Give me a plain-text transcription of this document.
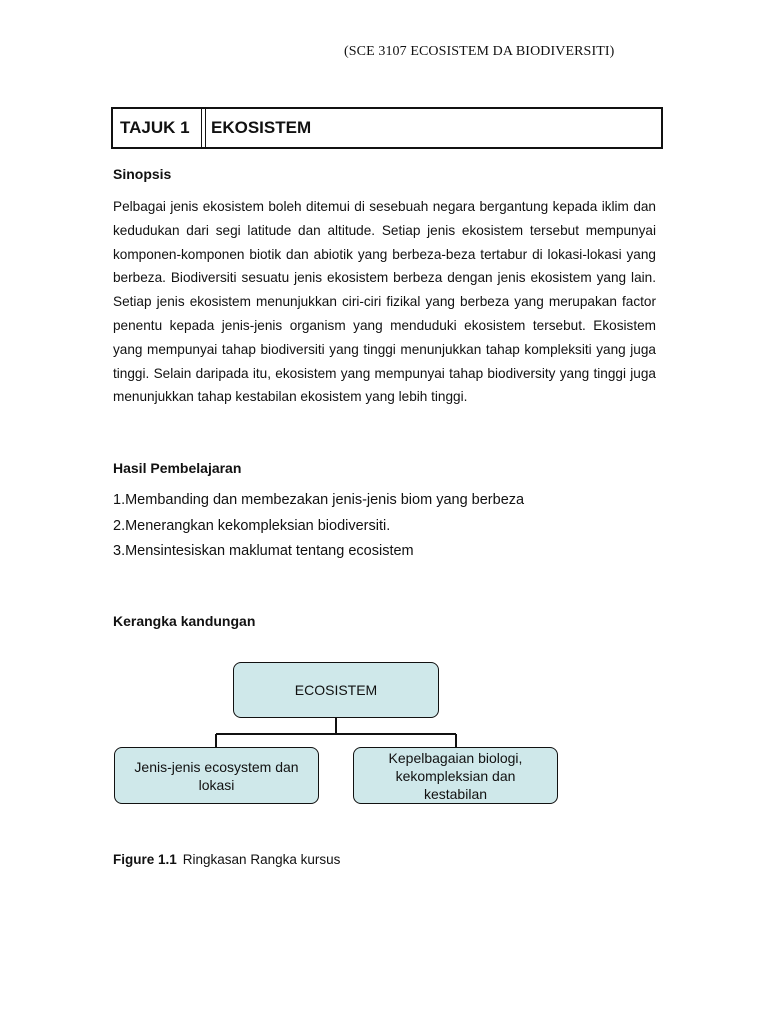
(SCE 3107 ECOSISTEM DA BIODIVERSITI)
TAJUK 1	EKOSISTEM
Sinopsis
Pelbagai jenis ekosistem boleh ditemui di sesebuah negara bergantung kepada iklim dan kedudukan dari segi latitude dan altitude. Setiap jenis ekosistem tersebut mempunyai komponen-komponen biotik dan abiotik yang berbeza-beza tertabur di lokasi-lokasi yang berbeza. Biodiversiti sesuatu jenis ekosistem berbeza dengan jenis ekosistem yang lain. Setiap jenis ekosistem menunjukkan ciri-ciri fizikal yang berbeza yang merupakan factor penentu kepada jenis-jenis organism yang menduduki ekosistem tersebut. Ekosistem yang mempunyai tahap biodiversiti yang tinggi menunjukkan tahap kompleksiti yang juga tinggi. Selain daripada itu, ekosistem yang mempunyai tahap biodiversity yang tinggi juga menunjukkan tahap kestabilan ekosistem yang lebih tinggi.
Hasil Pembelajaran
1.Membanding dan membezakan jenis-jenis biom yang berbeza
2.Menerangkan kekompleksian biodiversiti.
3.Mensintesiskan maklumat tentang ecosistem
Kerangka kandungan
ECOSISTEM
Jenis-jenis ecosystem dan
lokasi
Kepelbagaian biologi,
kekompleksian dan
kestabilan
Figure 1.1 Ringkasan Rangka kursus
